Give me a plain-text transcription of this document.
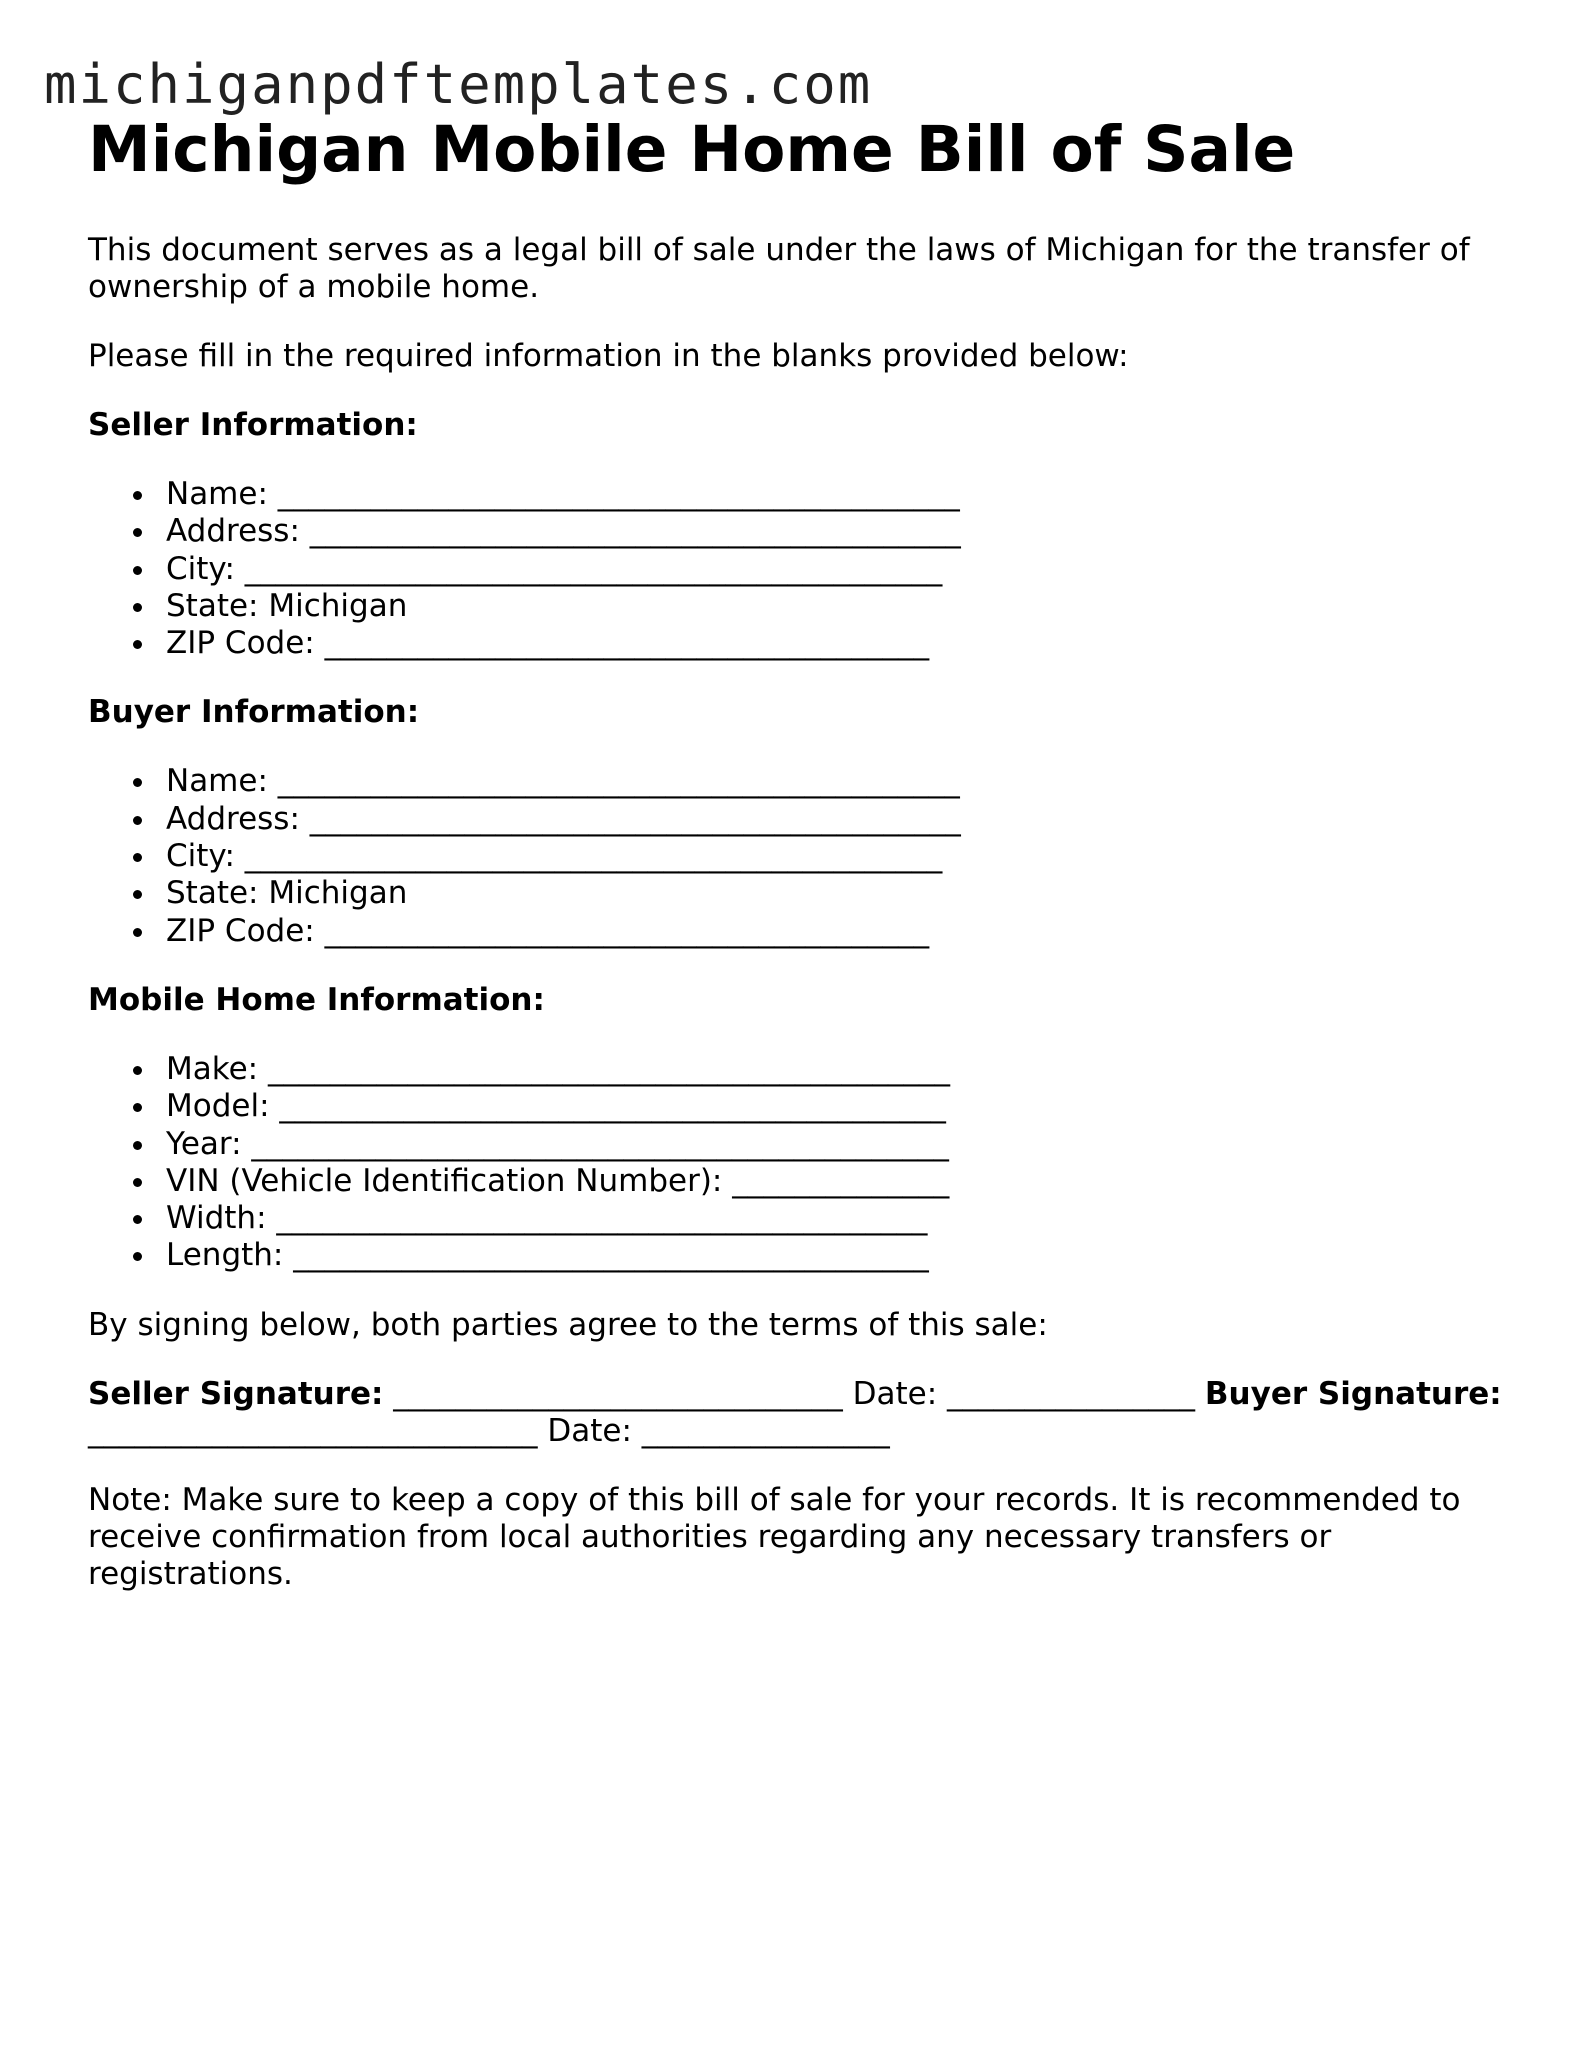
michiganpdftemplates.com
Michigan Mobile Home Bill of Sale

This document serves as a legal bill of sale under the laws of Michigan for the transfer of ownership of a mobile home.

Please fill in the required information in the blanks provided below:

Seller Information:
Name: ____________________________________________
Address: __________________________________________
City: _____________________________________________
State: Michigan
ZIP Code: _______________________________________
Buyer Information:
Name: ____________________________________________
Address: __________________________________________
City: _____________________________________________
State: Michigan
ZIP Code: _______________________________________
Mobile Home Information:
Make: ____________________________________________
Model: ___________________________________________
Year: _____________________________________________
VIN (Vehicle Identification Number): ______________
Width: __________________________________________
Length: _________________________________________

By signing below, both parties agree to the terms of this sale:

Seller Signature: _____________________________ Date: ________________ Buyer Signature: _____________________________ Date: ________________

Note: Make sure to keep a copy of this bill of sale for your records. It is recommended to receive confirmation from local authorities regarding any necessary transfers or registrations.
